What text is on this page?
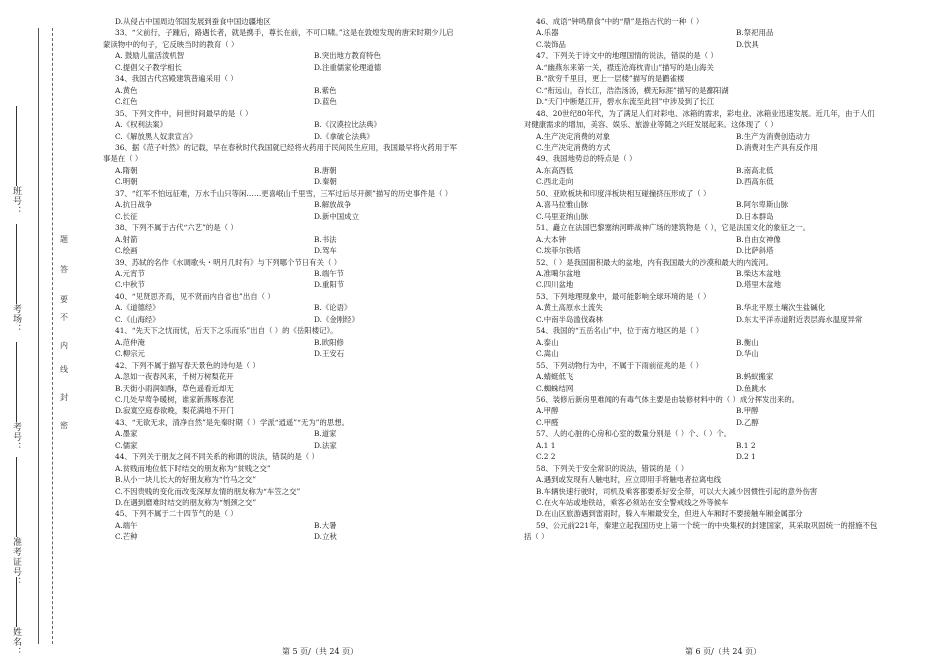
班号：
考场：
考号：
准考证号：
姓名：
题
答
要
不
内
线
封
密
D.从侵占中国周边邻国发展到蚕食中国边疆地区
33、“父前行，子踵后，路遇长者，就是携手，尊长在前，不可口啸。”这是在敦煌发现的唐宋时期少儿启
蒙读物中的句子，它反映当时的教育（ ）
A. 鼓励儿童活泼机智	B.突出地方教育特色
C.提倡父子教学相长	D.注重儒家伦理道德
34、我国古代宫殿建筑普遍采用（ ）
A.黄色	B.紫色
C.红色	D.蓝色
35、下列文件中，问世时间最早的是（ ）
A.《权利法案》	B.《汉谟拉比法典》
C.《解放黑人奴隶宣言》	D.《拿破仑法典》
36、据《范子叶然》的记载，早在春秋时代我国就已经将火药用于民间民生应用，我国最早将火药用于军
事是在（ ）
A.隋朝	B.唐朝
C.明朝	D.秦朝
37、“红军不怕远征难，万水千山只等闲……更喜岷山千里雪，三军过后尽开颜”描写的历史事件是（ ）
A.抗日战争	B.解放战争
C.长征	D.新中国成立
38、下列不属于古代“六艺”的是（ ）
A.射箭	B.书法
C.绘画	D.驾车
39、苏轼的名作《水调歌头・明月几时有》与下列哪个节日有关（ ）
A.元宵节	B.端午节
C.中秋节	D.重阳节
40、“见贤思齐焉，见不贤而内自省也”出自（ ）
A.《道德经》	B.《论语》
C.《山海经》	D.《金刚经》
41、“先天下之忧而忧，后天下之乐而乐”出自（ ）的《岳阳楼记》。
A.范仲淹	B.欧阳修
C.柳宗元	D.王安石
42、下列不属于描写春天景色的诗句是（ ）
A.忽如一夜春风来，千树万树梨花开
B.天街小雨润如酥，草色遥看近却无
C.几处早莺争暖树，谁家新燕啄春泥
D.寂寞空庭春欲晚，梨花满地不开门
43、“无欲无求，清净自然”是先秦时期（ ）学派“逍遥”“无为”的思想。
A.墨家	B.道家
C.儒家	D.法家
44、下列关于朋友之间不同关系的称谓的说法，错误的是（ ）
A.贫贱而地位低下时结交的朋友称为“贫贱之交”
B.从小一块儿长大的好朋友称为“竹马之交”
C.不因贵贱的变化而改变深厚友情的朋友称为“车笠之交”
D.在遇到磨难时结交的朋友称为“刎颈之交”
45、下列不属于二十四节气的是（ ）
A.端午	B.大暑
C.芒种	D.立秋
46、成语“钟鸣鼎食”中的“鼎”是指古代的一种（ ）
A.乐器	B.祭祀用品
C.装饰品	D.饮具
47、下列关于诗文中的地理国情的说法，错误的是（ ）
A.“幽燕东来第一关，襟连沧海枕青山”描写的是山海关
B.“欲穷千里目，更上一层楼”描写的是鹳雀楼
C.“衔远山，吞长江，浩浩汤汤，横无际涯”描写的是鄱阳湖
D.“天门中断楚江开，碧水东流至此回”中涉及到了长江
48、20世纪80年代，为了满足人们对彩电、冰箱的需求，彩电业、冰箱业迅速发展。近几年，由于人们
对健康需求的增加，美容、娱乐、旅游业等随之兴旺发展起来。这体现了（ ）
A.生产决定消费的对象	B.生产为消费创造动力
C.生产决定消费的方式	D.消费对生产具有反作用
49、我国地势总的特点是（ ）
A.东高西低	B.南高北低
C.西北走向	D.西高东低
50、亚欧板块和印度洋板块相互碰撞挤压形成了（ ）
A.喜马拉雅山脉	B.阿尔卑斯山脉
C.马里亚纳山脉	D.日本群岛
51、矗立在法国巴黎塞纳河畔战神广场的建筑物是（ ），它是法国文化的象征之一。
A.大本钟	B.自由女神像
C.埃菲尔铁塔	D.比萨斜塔
52、（ ）是我国面积最大的盆地，内有我国最大的沙漠和最大的内流河。
A.准噶尔盆地	B.柴达木盆地
C.四川盆地	D.塔里木盆地
53、下列地理现象中，最可能影响全球环境的是（ ）
A.黄土高原水土流失	B.华北平原土壤次生盐碱化
C.中南半岛滥伐森林	D.东太平洋赤道附近表层海水温度异常
54、我国的“五岳名山”中，位于南方地区的是（ ）
A.泰山	B.衡山
C.嵩山	D.华山
55、下列动物行为中，不属于下雨前征兆的是（ ）
A.蜻蜓低飞	B.蚂蚁搬家
C.蜘蛛结网	D.鱼跳水
56、装修后新房里难闻的有毒气体主要是由装修材料中的（ ）成分挥发出来的。
A.甲醇	B.甲醇
C.甲醛	D.乙醇
57、人的心脏的心房和心室的数量分别是（ ）个、（ ）个。
A.1 1	B.1 2
C.2 2	D.2 1
58、下列关于安全常识的说法，错误的是（ ）
A.遇到或发现有人触电时，应立即用手将触电者拉离电线
B.车辆快速行驶时，司机及乘客都要系好安全带，可以大大减少因惯性引起的意外伤害
C.在火车站或地铁站，乘客必须站在安全警戒线之外等候车
D.在山区旅游遇到雷雨时，躲入车厢最安全，但进入车厢时不要接触车厢金属部分
59、公元前221年，秦建立起我国历史上第一个统一的中央集权的封建国家，其采取巩固统一的措施不包
括（ ）
第 5 页/（共 24 页）	第 6 页/（共 24 页）
